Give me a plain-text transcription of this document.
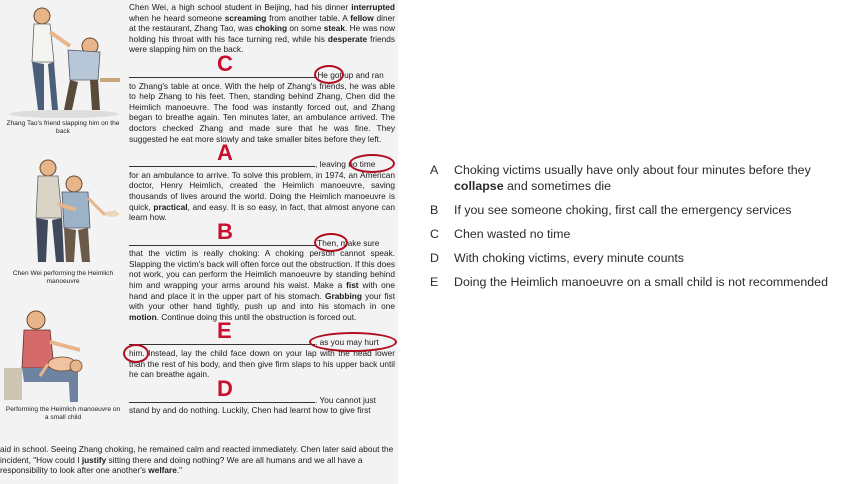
Zhang Tao's friend slapping him on the back
Chen Wei performing the Heimlich manoeuvre
Performing the Heimlich manoeuvre on a small child

Chen Wei, a high school student in Beijing, had his dinner interrupted when he heard someone screaming from another table. A fellow diner at the restaurant, Zhang Tao, was choking on some steak. He was now holding his throat with his face turning red, while his desperate friends were slapping him on the back.

C	He got up and ran
to Zhang's table at once. With the help of Zhang's friends, he was able to help Zhang to his feet. Then, standing behind Zhang, Chen did the Heimlich manoeuvre. The food was instantly forced out, and Zhang began to breathe again. Ten minutes later, an ambulance arrived. The doctors checked Zhang and made sure that he was fine. They suggested he eat more slowly and take smaller bites before they left.

A	, leaving no time
for an ambulance to arrive. To solve this problem, in 1974, an American doctor, Henry Heimlich, created the Heimlich manoeuvre, saving thousands of lives around the world. Doing the Heimlich manoeuvre is quick, practical, and easy. It is so easy, in fact, that almost anyone can learn how.

B	Then, make sure
that the victim is really choking: A choking person cannot speak. Slapping the victim's back will often force out the obstruction. If this does not work, you can perform the Heimlich manoeuvre by standing behind him and wrapping your arms around his waist. Make a fist with one hand and place it in the upper part of his stomach. Grabbing your fist with your other hand tightly, push up and into his stomach in one motion. Continue doing this until the obstruction is forced out.

E	, as you may hurt
him. Instead, lay the child face down on your lap with the head lower than the rest of his body, and then give firm slaps to his upper back until he can breathe again.

D	. You cannot just
stand by and do nothing. Luckily, Chen had learnt how to give first

aid in school. Seeing Zhang choking, he remained calm and reacted immediately. Chen later said about the incident, "How could I justify sitting there and doing nothing? We are all humans and we all have a responsibility to look after one another's welfare."
A	Choking victims usually have only about four minutes before they collapse and sometimes die
B	If you see someone choking, first call the emergency services
C	Chen wasted no time
D	With choking victims, every minute counts
E	Doing the Heimlich manoeuvre on a small child is not recommended
